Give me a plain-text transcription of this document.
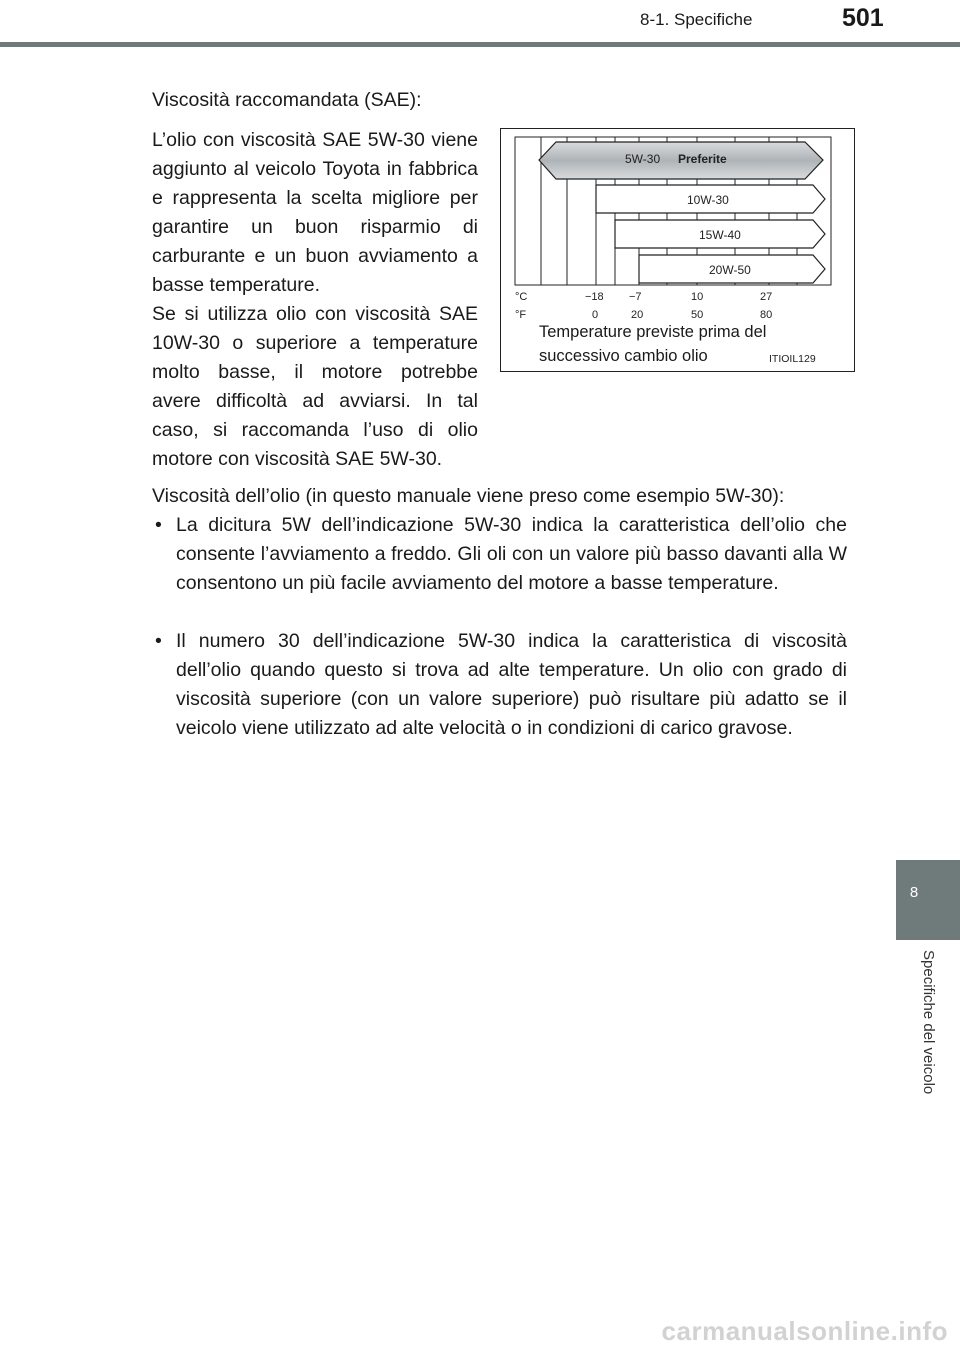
8-1. Specifiche	501
8
Specifiche del veicolo
Viscosità raccomandata (SAE):
L’olio con viscosità SAE 5W-30 viene aggiunto al veicolo Toyota in fabbrica e rappresenta la scelta migliore per garantire un buon risparmio di carburante e un buon avviamento a basse temperature.
Se si utilizza olio con viscosità SAE 10W-30 o superiore a temperature molto basse, il motore potrebbe avere difficoltà ad avviarsi. In tal caso, si raccomanda l’uso di olio motore con viscosità SAE 5W-30.
Viscosità dell’olio (in questo manuale viene preso come esempio 5W-30):
• La dicitura 5W dell’indicazione 5W-30 indica la caratteristica dell’olio che consente l’avviamento a freddo. Gli oli con un valore più basso davanti alla W consentono un più facile avviamento del motore a basse temperature.
• Il numero 30 dell’indicazione 5W-30 indica la caratteristica di viscosità dell’olio quando questo si trova ad alte temperature. Un olio con grado di viscosità superiore (con un valore superiore) può risultare più adatto se il veicolo viene utilizzato ad alte velocità o in condizioni di carico gravose.
5W-30 Preferite
10W-30
15W-40
20W-50
°C	−18 −7	10	27
°F	0	20	50	80
Temperature previste prima del
successivo cambio olio	ITIOIL129
carmanualsonline.info
